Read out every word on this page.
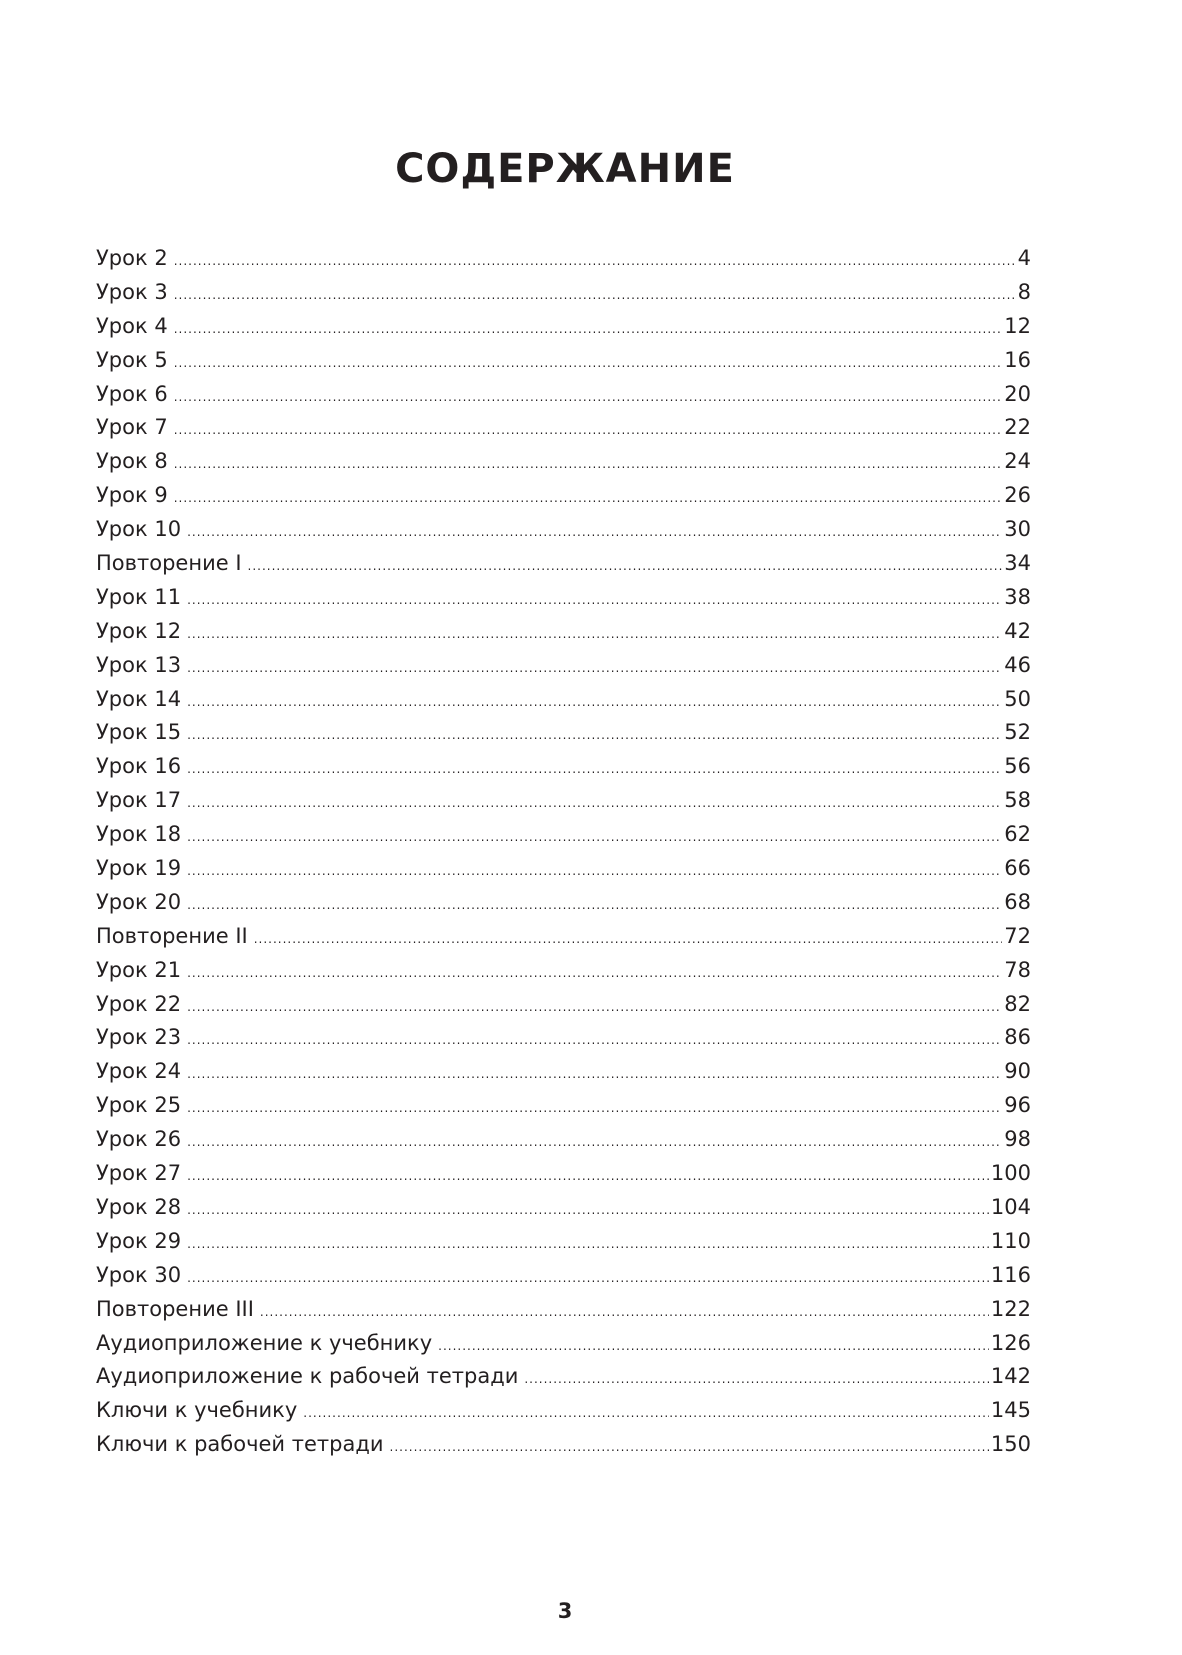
СОДЕРЖАНИЕ
Урок 2 .....	4
Урок 3 .....	8
Урок 4 .....	12
Урок 5 .....	16
Урок 6 .....	20
Урок 7 .....	22
Урок 8 .....	24
Урок 9 .....	26
Урок 10 .....	30
Повторение I .....	34
Урок 11 .....	38
Урок 12 .....	42
Урок 13 .....	46
Урок 14 .....	50
Урок 15 .....	52
Урок 16 .....	56
Урок 17 .....	58
Урок 18 .....	62
Урок 19 .....	66
Урок 20 .....	68
Повторение II .....	72
Урок 21 .....	78
Урок 22 .....	82
Урок 23 .....	86
Урок 24 .....	90
Урок 25 .....	96
Урок 26 .....	98
Урок 27 .....	100
Урок 28 .....	104
Урок 29 .....	110
Урок 30 .....	116
Повторение III .....	122
Аудиоприложение к учебнику .....	126
Аудиоприложение к рабочей тетради .....	142
Ключи к учебнику .....	145
Ключи к рабочей тетради .....	150
3
